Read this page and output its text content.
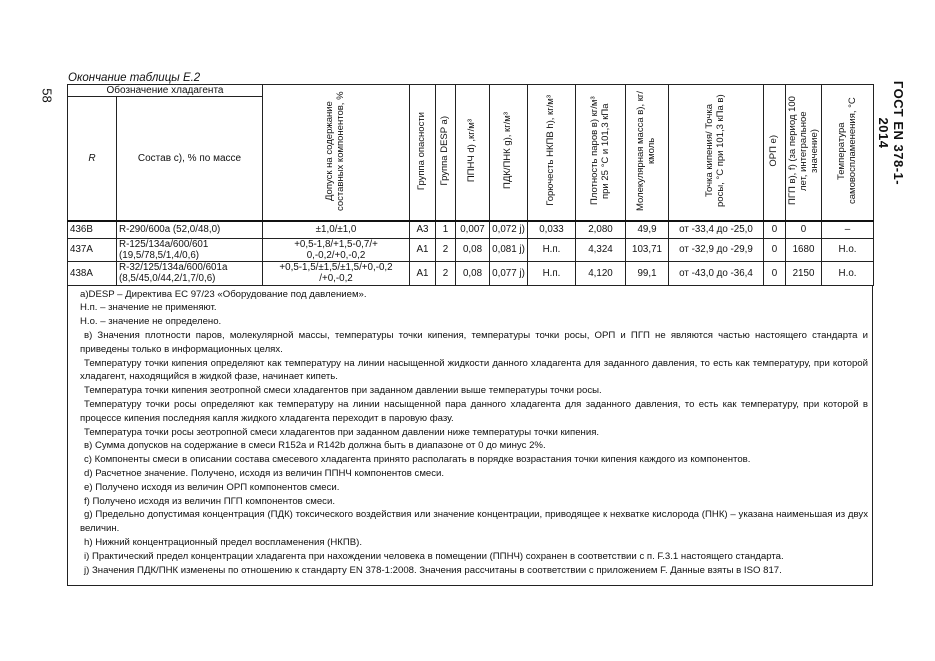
58	ГОСТ EN 378-1-2014
Окончание таблицы Е.2
Обозначение хладагента		Допуск на содержание составных компонентов, %	Группа опасности	Группа DESP а)	ППНЧ d) ,кг/м³	ПДК/ПНК g), кг/м³	Горючесть НКПВ h), кг/м³	Плотность паров в) кг/м³ при 25 °С и 101,3 кПа	Молекулярная масса в), кг/кмоль	Точка кипения/ Точка росы, °С при 101,3 кПа в)	ОРП е)	ПГП в), f) (за период 100 лет, интегральное значение)	Температура самовоспламенения, °С
R	Состав с), % по массе												
436B	R-290/600a (52,0/48,0)	±1,0/±1,0	А3	1	0,007	0,072 j)	0,033	2,080	49,9	от -33,4 до -25,0	0	0	–
437A	R-125/134a/600/601 (19,5/78,5/1,4/0,6)	+0,5-1,8/+1,5-0,7/+ 0,-0,2/+0,-0,2	А1	2	0,08	0,081 j)	Н.п.	4,324	103,71	от -32,9 до -29,9	0	1680	Н.о.
438A	R-32/125/134a/600/601a (8,5/45,0/44,2/1,7/0,6)	+0,5-1,5/±1,5/±1,5/+0,-0,2 /+0,-0,2	А1	2	0,08	0,077 j)	Н.п.	4,120	99,1	от -43,0 до -36,4	0	2150	Н.о.

a)DESP – Директива ЕС 97/23 «Оборудование под давлением».

Н.п. – значение не применяют.

Н.о. – значение не определено.

в) Значения плотности паров, молекулярной массы, температуры точки кипения, температуры точки росы, ОРП и ПГП не являются частью настоящего стандарта и приведены только в информационных целях.

Температуру точки кипения определяют как температуру на линии насыщенной жидкости данного хладагента для заданного давления, то есть как температуру, при которой хладагент, находящийся в жидкой фазе, начинает кипеть.

Температура точки кипения зеотропной смеси хладагентов при заданном давлении выше температуры точки росы.

Температуру точки росы определяют как температуру на линии насыщенной пара данного хладагента для заданного давления, то есть как температуру, при которой в процессе кипения последняя капля жидкого хладагента переходит в паровую фазу.

Температура точки росы зеотропной смеси хладагентов при заданном давлении ниже температуры точки кипения.

в) Сумма допусков на содержание в смеси R152a и R142b должна быть в диапазоне от 0 до минус 2%.

с) Компоненты смеси в описании состава смесевого хладагента принято располагать в порядке возрастания точки кипения каждого из компонентов.

d) Расчетное значение. Получено, исходя из величин ППНЧ компонентов смеси.

е) Получено исходя из величин ОРП компонентов смеси.

f) Получено исходя из величин ПГП компонентов смеси.

g) Предельно допустимая концентрация (ПДК) токсического воздействия или значение концентрации, приводящее к нехватке кислорода (ПНК) – указана наименьшая из двух величин.

h) Нижний концентрационный предел воспламенения (НКПВ).

i) Практический предел концентрации хладагента при нахождении человека в помещении (ППНЧ) сохранен в соответствии с п. F.3.1 настоящего стандарта.

j) Значения ПДК/ПНК изменены по отношению к стандарту EN 378-1:2008. Значения рассчитаны в соответствии с приложением F. Данные взяты в ISO 817.
